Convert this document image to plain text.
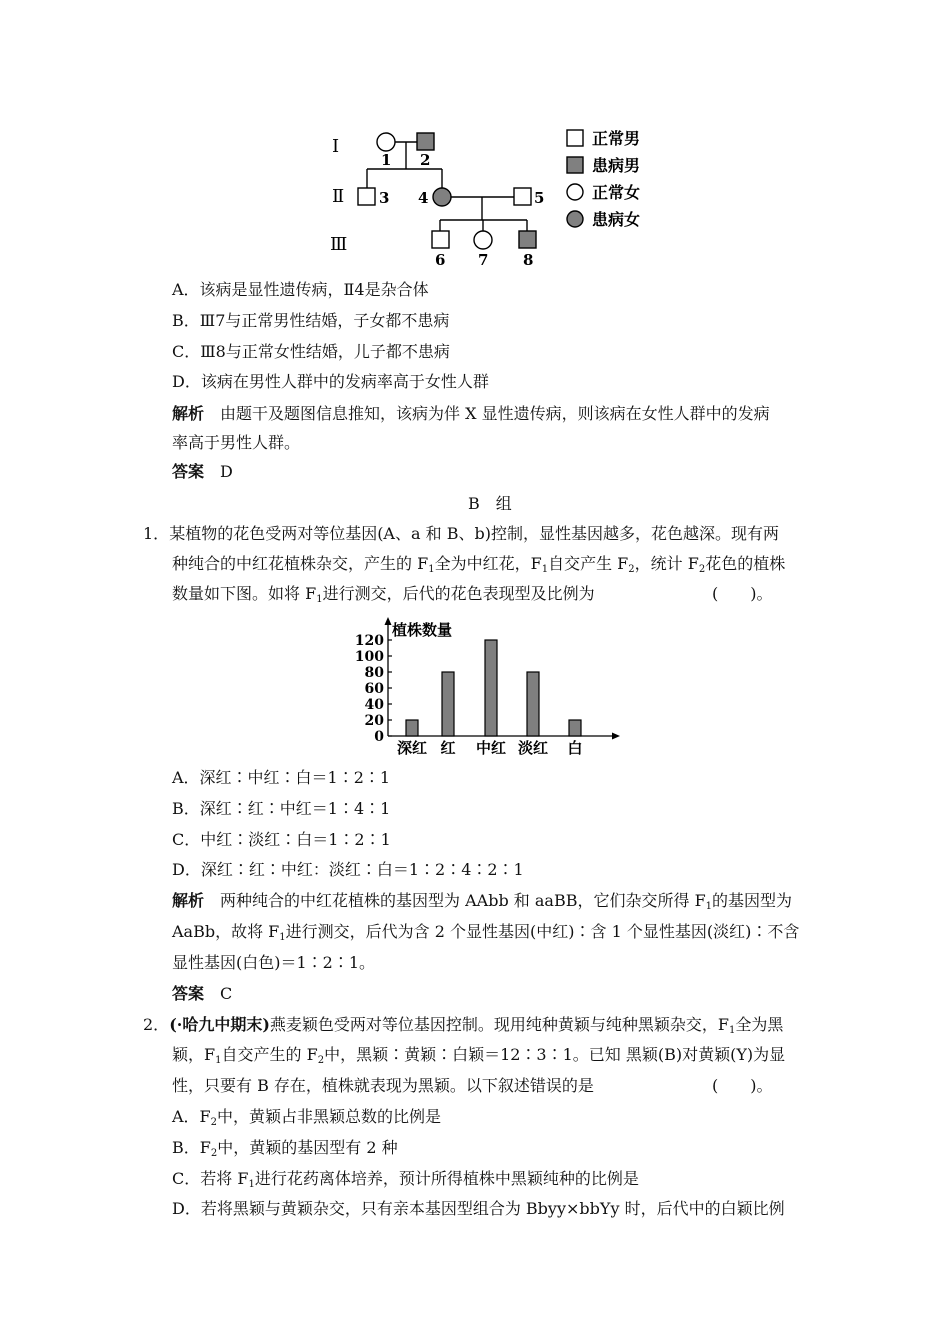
Ⅰ
Ⅱ
Ⅲ
1 2
3 4	5
6 7 8
正常男
患病男
正常女
患病女
A．该病是显性遗传病，Ⅱ4是杂合体
B．Ⅲ7与正常男性结婚，子女都不患病
C．Ⅲ8与正常女性结婚，儿子都不患病
D．该病在男性人群中的发病率高于女性人群
解析　 由题干及题图信息推知，该病为伴 X 显性遗传病，则该病在女性人群中的发病
率高于男性人群。
答案　 D
B　组
1．某植物的花色受两对等位基因(A、a 和 B、b)控制，显性基因越多，花色越深。现有两
种纯合的中红花植株杂交，产生的 $F_1$全为中红花，$F_1$自交产生 $F_2$，统计 $F_2$花色的植株
数量如下图。如将 $F_1$进行测交，后代的花色表现型及比例为	(　　)。
植株数量
0
20
40
60
80
100
120
深红 红 中红 淡红 白
A．深红∶中红∶白＝1∶2∶1
B．深红∶红∶中红＝1∶4∶1
C．中红∶淡红∶白＝1∶2∶1
D．深红∶红∶中红：淡红∶白＝1∶2∶4∶2∶1
解析　 两种纯合的中红花植株的基因型为 AAbb 和 aaBB，它们杂交所得 $F_1$的基因型为
AaBb，故将 $F_1$进行测交，后代为含 2 个显性基因(中红)∶含 1 个显性基因(淡红)∶不含
显性基因(白色)＝1∶2∶1。
答案　 C
2．(·哈九中期末)燕麦颖色受两对等位基因控制。现用纯种黄颖与纯种黑颖杂交，$F_1$全为黑
颖，$F_1$自交产生的 $F_2$中，黑颖∶黄颖∶白颖＝12∶3∶1。已知 黑颖(B)对黄颖(Y)为显
性，只要有 B 存在，植株就表现为黑颖。以下叙述错误的是	(　　)。
A．$F_2$中，黄颖占非黑颖总数的比例是
B．$F_2$中，黄颖的基因型有 2 种
C．若将 $F_1$进行花药离体培养，预计所得植株中黑颖纯种的比例是
D．若将黑颖与黄颖杂交，只有亲本基因型组合为 Bbyy×bbYy 时，后代中的白颖比例
